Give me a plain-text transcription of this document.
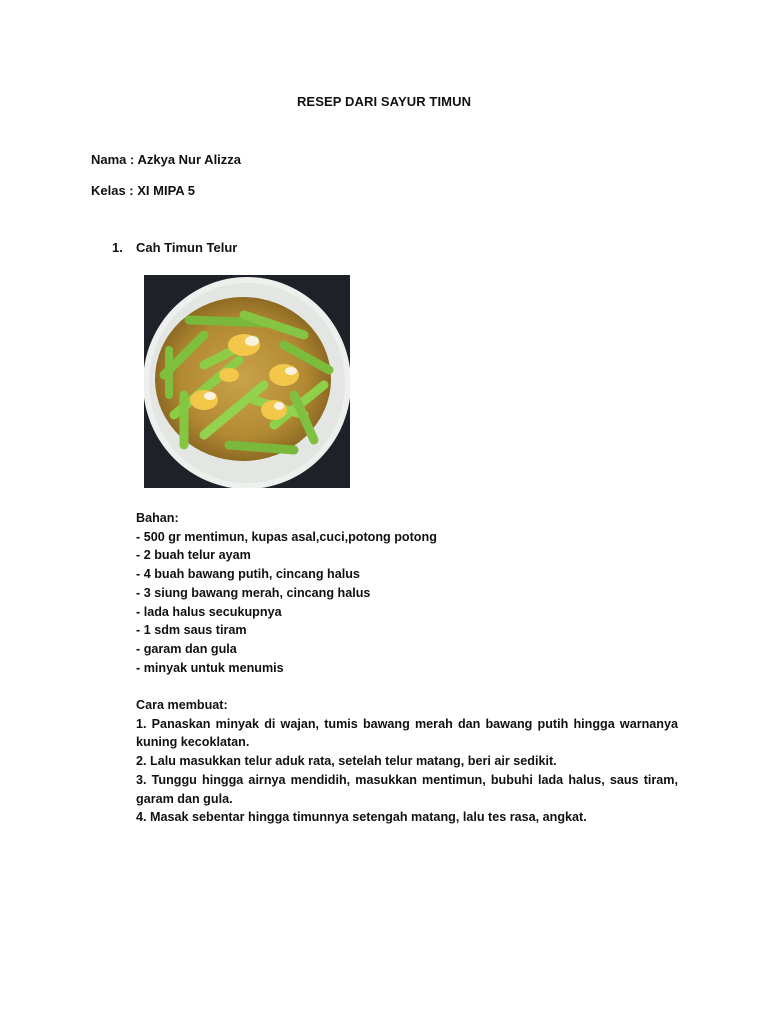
RESEP DARI SAYUR TIMUN
Nama : Azkya Nur Alizza
Kelas : XI MIPA 5
1. Cah Timun Telur
Bahan:
- 500 gr mentimun, kupas asal,cuci,potong potong
- 2 buah telur ayam
- 4 buah bawang putih, cincang halus
- 3 siung bawang merah, cincang halus
- lada halus secukupnya
- 1 sdm saus tiram
- garam dan gula
- minyak untuk menumis
Cara membuat:
1. Panaskan minyak di wajan, tumis bawang merah dan bawang putih hingga warnanya kuning kecoklatan.
2. Lalu masukkan telur aduk rata, setelah telur matang, beri air sedikit.
3. Tunggu hingga airnya mendidih, masukkan mentimun, bubuhi lada halus, saus tiram, garam dan gula.
4. Masak sebentar hingga timunnya setengah matang, lalu tes rasa, angkat.
